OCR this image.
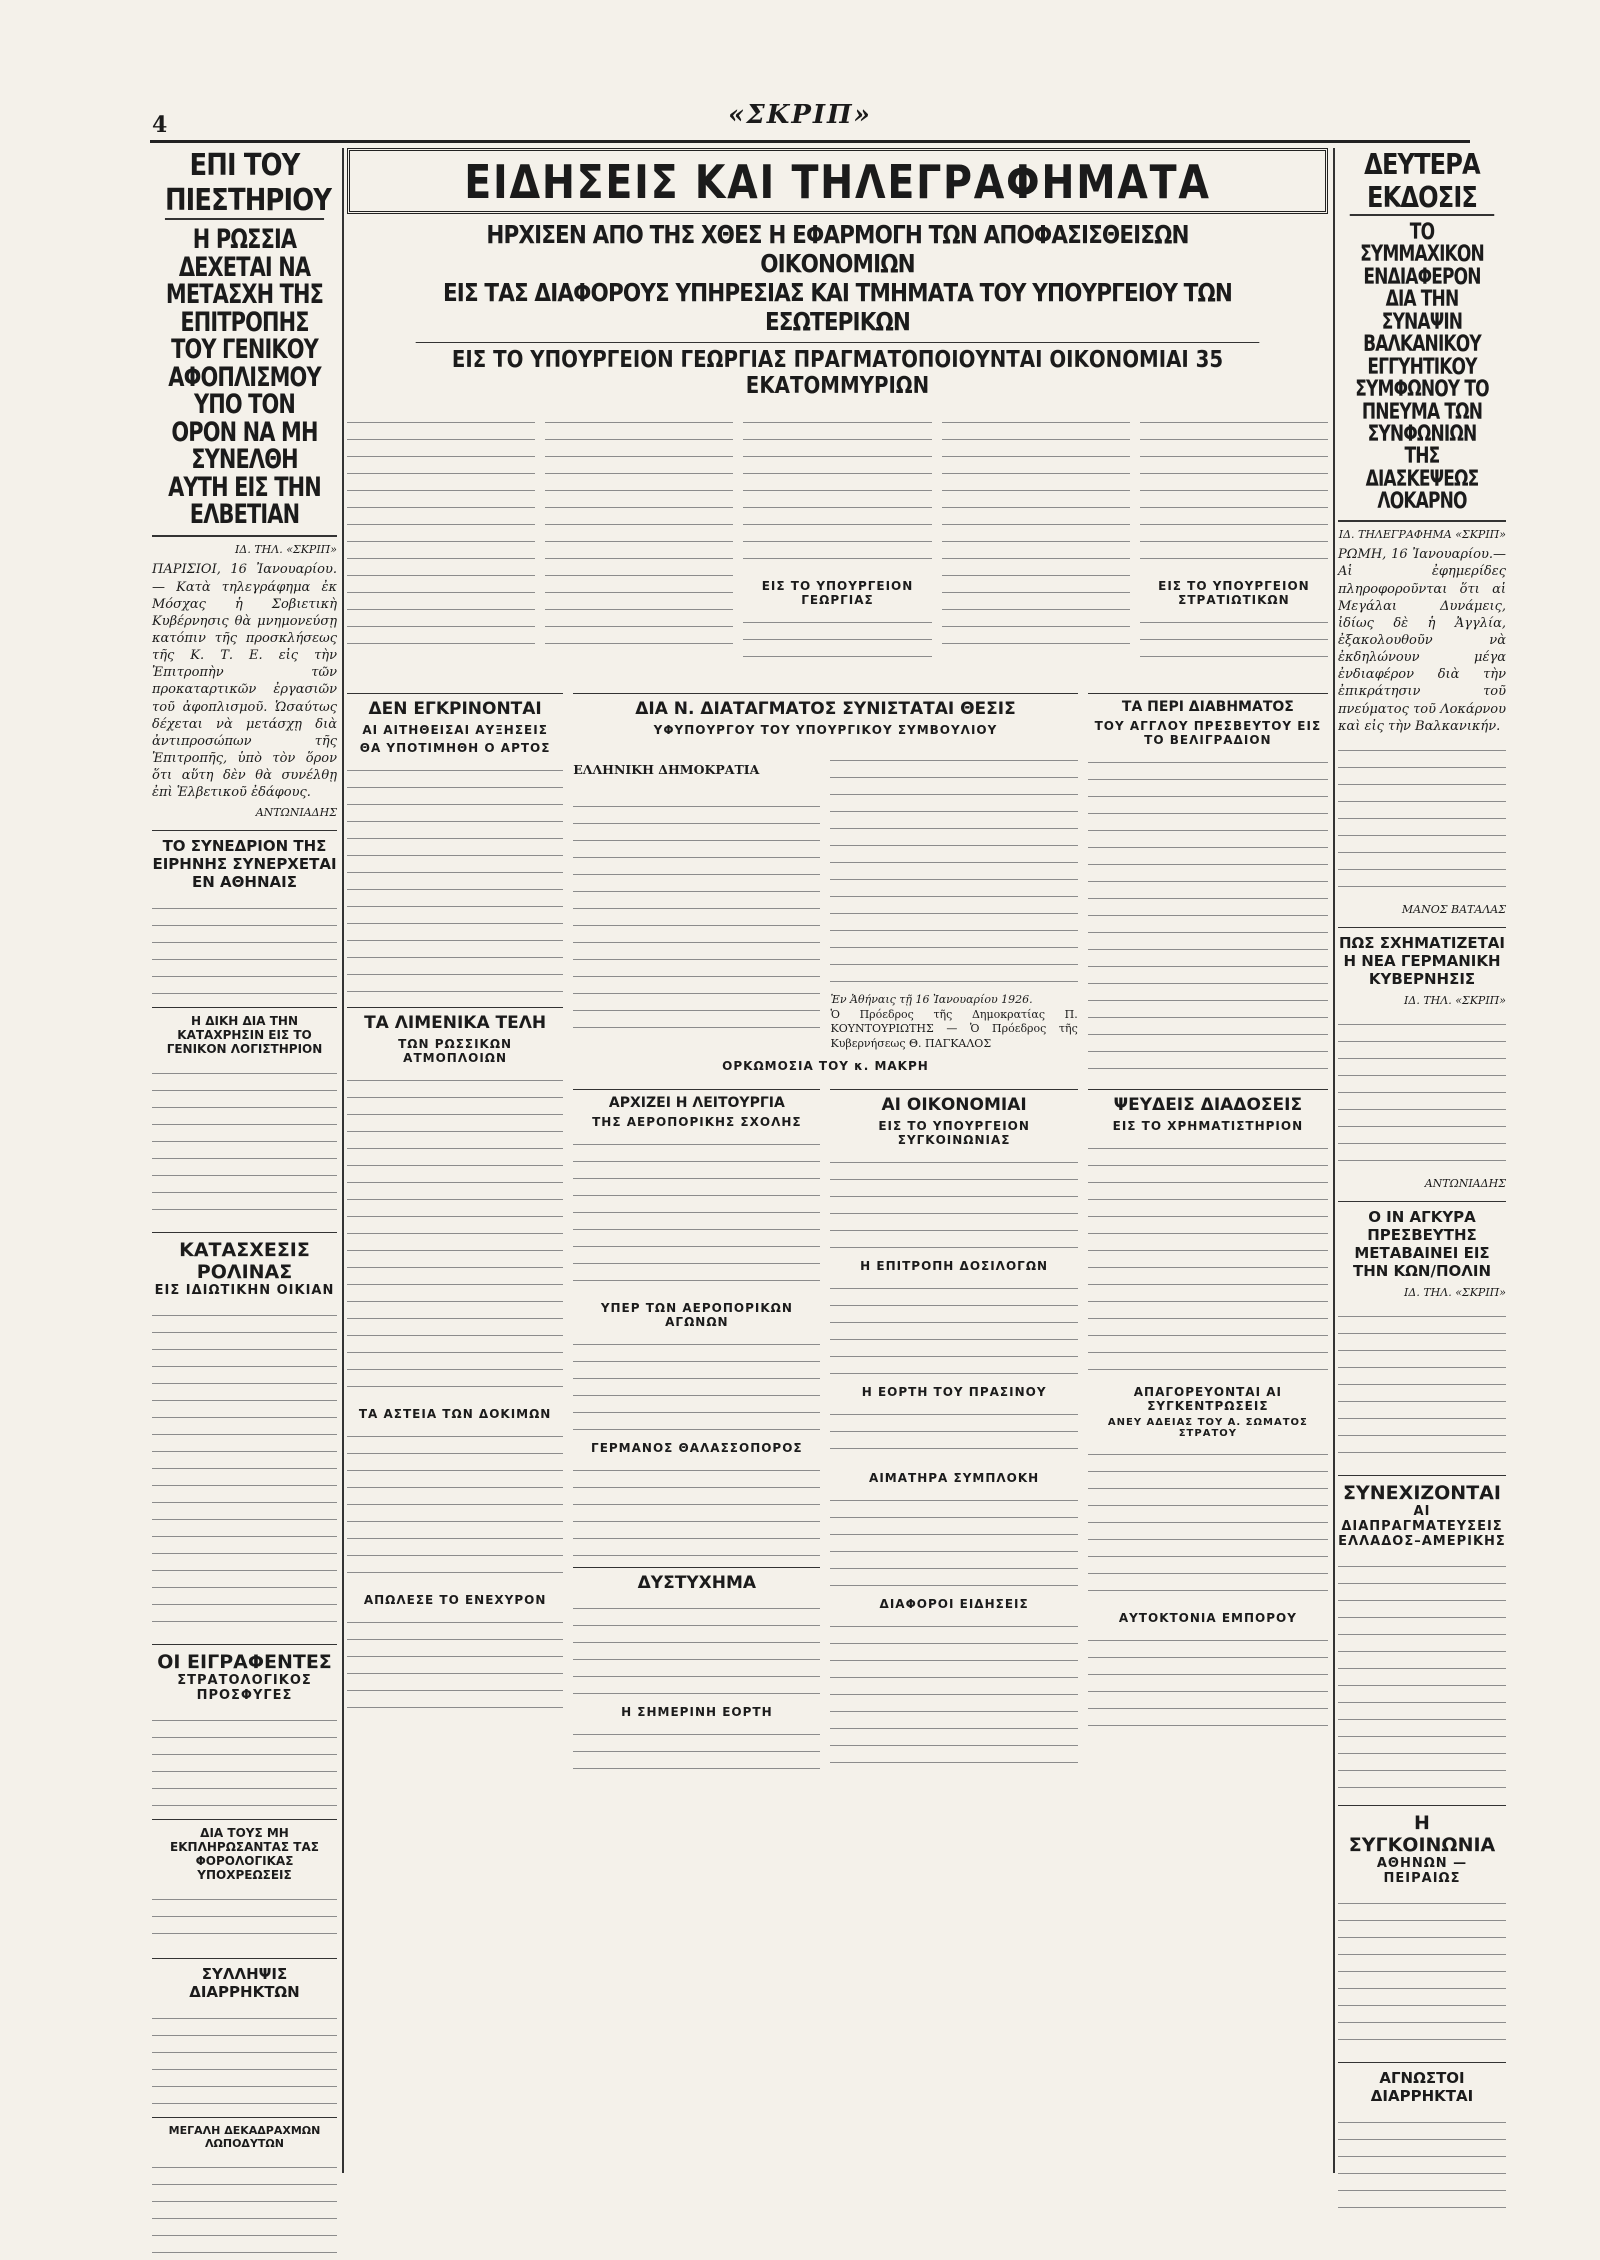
4	«ΣΚΡΙΠ»
ΕΠΙ ΤΟΥ ΠΙΕΣΤΗΡΙΟΥ
Η ΡΩΣΣΙΑ ΔΕΧΕΤΑΙ ΝΑ ΜΕΤΑΣΧΗ ΤΗΣ ΕΠΙΤΡΟΠΗΣ ΤΟΥ ΓΕΝΙΚΟΥ ΑΦΟΠΛΙΣΜΟΥ ΥΠΟ ΤΟΝ ΟΡΟΝ ΝΑ ΜΗ ΣΥΝΕΛΘΗ ΑΥΤΗ ΕΙΣ ΤΗΝ ΕΛΒΕΤΙΑΝ
ΙΔ. ΤΗΛ. «ΣΚΡΙΠ»
ΠΑΡΙΣΙΟΙ, 16 Ἰανουαρίου.— Κατὰ τηλεγράφημα ἐκ Μόσχας ἡ Σοβιετικὴ Κυβέρνησις θὰ μνημονεύσῃ κατόπιν τῆς προσκλήσεως τῆς Κ. Τ. Ε. εἰς τὴν Ἐπιτροπὴν τῶν προκαταρτικῶν ἐργασιῶν τοῦ ἀφοπλισμοῦ. Ὡσαύτως δέχεται νὰ μετάσχῃ διὰ ἀντιπροσώπων τῆς Ἐπιτροπῆς, ὑπὸ τὸν ὅρον ὅτι αὕτη δὲν θὰ συνέλθῃ ἐπὶ Ἑλβετικοῦ ἐδάφους.
ΑΝΤΩΝΙΑΔΗΣ
ΤΟ ΣΥΝΕΔΡΙΟΝ ΤΗΣ ΕΙΡΗΝΗΣ ΣΥΝΕΡΧΕΤΑΙ ΕΝ ΑΘΗΝΑΙΣ
Η ΔΙΚΗ ΔΙΑ ΤΗΝ ΚΑΤΑΧΡΗΣΙΝ ΕΙΣ ΤΟ ΓΕΝΙΚΟΝ ΛΟΓΙΣΤΗΡΙΟΝ
ΚΑΤΑΣΧΕΣΙΣ ΡΟΛΙΝΑΣ
ΕΙΣ ΙΔΙΩΤΙΚΗΝ ΟΙΚΙΑΝ
ΟΙ ΕΙΓΡΑΦΕΝΤΕΣ
ΣΤΡΑΤΟΛΟΓΙΚΟΣ ΠΡΟΣΦΥΓΕΣ
ΔΙΑ ΤΟΥΣ ΜΗ ΕΚΠΛΗΡΩΣΑΝΤΑΣ ΤΑΣ ΦΟΡΟΛΟΓΙΚΑΣ ΥΠΟΧΡΕΩΣΕΙΣ
ΣΥΛΛΗΨΙΣ ΔΙΑΡΡΗΚΤΩΝ
ΜΕΓΑΛΗ ΔΕΚΑΔΡΑΧΜΩΝ ΛΩΠΟΔΥΤΩΝ
ΕΙΔΗΣΕΙΣ ΚΑΙ ΤΗΛΕΓΡΑΦΗΜΑΤΑ
ΗΡΧΙΣΕΝ ΑΠΟ ΤΗΣ ΧΘΕΣ Η ΕΦΑΡΜΟΓΗ ΤΩΝ ΑΠΟΦΑΣΙΣΘΕΙΣΩΝ ΟΙΚΟΝΟΜΙΩΝ
ΕΙΣ ΤΑΣ ΔΙΑΦΟΡΟΥΣ ΥΠΗΡΕΣΙΑΣ ΚΑΙ ΤΜΗΜΑΤΑ ΤΟΥ ΥΠΟΥΡΓΕΙΟΥ ΤΩΝ ΕΣΩΤΕΡΙΚΩΝ
ΕΙΣ ΤΟ ΥΠΟΥΡΓΕΙΟΝ ΓΕΩΡΓΙΑΣ ΠΡΑΓΜΑΤΟΠΟΙΟΥΝΤΑΙ ΟΙΚΟΝΟΜΙΑΙ 35 ΕΚΑΤΟΜΜΥΡΙΩΝ
ΕΙΣ ΤΟ ΥΠΟΥΡΓΕΙΟΝ ΓΕΩΡΓΙΑΣ
ΕΙΣ ΤΟ ΥΠΟΥΡΓΕΙΟΝ ΣΤΡΑΤΙΩΤΙΚΩΝ
ΔΕΝ ΕΓΚΡΙΝΟΝΤΑΙ
ΑΙ ΑΙΤΗΘΕΙΣΑΙ ΑΥΞΗΣΕΙΣ
ΘΑ ΥΠΟΤΙΜΗΘΗ Ο ΑΡΤΟΣ
ΤΑ ΛΙΜΕΝΙΚΑ ΤΕΛΗ
ΤΩΝ ΡΩΣΣΙΚΩΝ ΑΤΜΟΠΛΟΙΩΝ
ΤΑ ΑΣΤΕΙΑ ΤΩΝ ΔΟΚΙΜΩΝ
ΑΠΩΛΕΣΕ ΤΟ ΕΝΕΧΥΡΟΝ
ΔΙΑ Ν. ΔΙΑΤΑΓΜΑΤΟΣ ΣΥΝΙΣΤΑΤΑΙ ΘΕΣΙΣ
ΥΦΥΠΟΥΡΓΟΥ ΤΟΥ ΥΠΟΥΡΓΙΚΟΥ ΣΥΜΒΟΥΛΙΟΥ
ΕΛΛΗΝΙΚΗ ΔΗΜΟΚΡΑΤΙΑ
Ἐν Ἀθήναις τῇ 16 Ἰανουαρίου 1926.
Ὁ Πρόεδρος τῆς Δημοκρατίας Π. ΚΟΥΝΤΟΥΡΙΩΤΗΣ — Ὁ Πρόεδρος τῆς Κυβερνήσεως Θ. ΠΑΓΚΑΛΟΣ
ΟΡΚΩΜΟΣΙΑ ΤΟΥ κ. ΜΑΚΡΗ
ΑΡΧΙΖΕΙ Η ΛΕΙΤΟΥΡΓΙΑ
ΤΗΣ ΑΕΡΟΠΟΡΙΚΗΣ ΣΧΟΛΗΣ
ΥΠΕΡ ΤΩΝ ΑΕΡΟΠΟΡΙΚΩΝ ΑΓΩΝΩΝ
ΓΕΡΜΑΝΟΣ ΘΑΛΑΣΣΟΠΟΡΟΣ
ΔΥΣΤΥΧΗΜΑ
Η ΣΗΜΕΡΙΝΗ ΕΟΡΤΗ
ΑΙ ΟΙΚΟΝΟΜΙΑΙ
ΕΙΣ ΤΟ ΥΠΟΥΡΓΕΙΟΝ ΣΥΓΚΟΙΝΩΝΙΑΣ
Η ΕΠΙΤΡΟΠΗ ΔΟΣΙΛΟΓΩΝ
Η ΕΟΡΤΗ ΤΟΥ ΠΡΑΣΙΝΟΥ
ΑΙΜΑΤΗΡΑ ΣΥΜΠΛΟΚΗ
ΔΙΑΦΟΡΟΙ ΕΙΔΗΣΕΙΣ
ΤΑ ΠΕΡΙ ΔΙΑΒΗΜΑΤΟΣ
ΤΟΥ ΑΓΓΛΟΥ ΠΡΕΣΒΕΥΤΟΥ ΕΙΣ ΤΟ ΒΕΛΙΓΡΑΔΙΟΝ
ΨΕΥΔΕΙΣ ΔΙΑΔΟΣΕΙΣ
ΕΙΣ ΤΟ ΧΡΗΜΑΤΙΣΤΗΡΙΟΝ
ΑΠΑΓΟΡΕΥΟΝΤΑΙ ΑΙ ΣΥΓΚΕΝΤΡΩΣΕΙΣ
ΑΝΕΥ ΑΔΕΙΑΣ ΤΟΥ Α. ΣΩΜΑΤΟΣ ΣΤΡΑΤΟΥ
ΑΥΤΟΚΤΟΝΙΑ ΕΜΠΟΡΟΥ
ΔΕΥΤΕΡΑ ΕΚΔΟΣΙΣ
ΤΟ ΣΥΜΜΑΧΙΚΟΝ ΕΝΔΙΑΦΕΡΟΝ ΔΙΑ ΤΗΝ ΣΥΝΑΨΙΝ ΒΑΛΚΑΝΙΚΟΥ ΕΓΓΥΗΤΙΚΟΥ ΣΥΜΦΩΝΟΥ ΤΟ ΠΝΕΥΜΑ ΤΩΝ ΣΥΝΦΩΝΙΩΝ ΤΗΣ ΔΙΑΣΚΕΨΕΩΣ ΛΟΚΑΡΝΟ
ΙΔ. ΤΗΛΕΓΡΑΦΗΜΑ «ΣΚΡΙΠ»
ΡΩΜΗ, 16 Ἰανουαρίου.— Αἱ ἐφημερίδες πληροφοροῦνται ὅτι αἱ Μεγάλαι Δυνάμεις, ἰδίως δὲ ἡ Ἀγγλία, ἐξακολουθοῦν νὰ ἐκδηλώνουν μέγα ἐνδιαφέρον διὰ τὴν ἐπικράτησιν τοῦ πνεύματος τοῦ Λοκάρνου καὶ εἰς τὴν Βαλκανικήν.
ΜΑΝΟΣ ΒΑΤΑΛΑΣ
ΠΩΣ ΣΧΗΜΑΤΙΖΕΤΑΙ Η ΝΕΑ ΓΕΡΜΑΝΙΚΗ ΚΥΒΕΡΝΗΣΙΣ
ΙΔ. ΤΗΛ. «ΣΚΡΙΠ»
ΑΝΤΩΝΙΑΔΗΣ
Ο ΙΝ ΑΓΚΥΡΑ ΠΡΕΣΒΕΥΤΗΣ ΜΕΤΑΒΑΙΝΕΙ ΕΙΣ ΤΗΝ ΚΩΝ/ΠΟΛΙΝ
ΙΔ. ΤΗΛ. «ΣΚΡΙΠ»
ΣΥΝΕΧΙΖΟΝΤΑΙ
ΑΙ ΔΙΑΠΡΑΓΜΑΤΕΥΣΕΙΣ ΕΛΛΑΔΟΣ–ΑΜΕΡΙΚΗΣ
Η ΣΥΓΚΟΙΝΩΝΙΑ
ΑΘΗΝΩΝ — ΠΕΙΡΑΙΩΣ
ΑΓΝΩΣΤΟΙ ΔΙΑΡΡΗΚΤΑΙ
